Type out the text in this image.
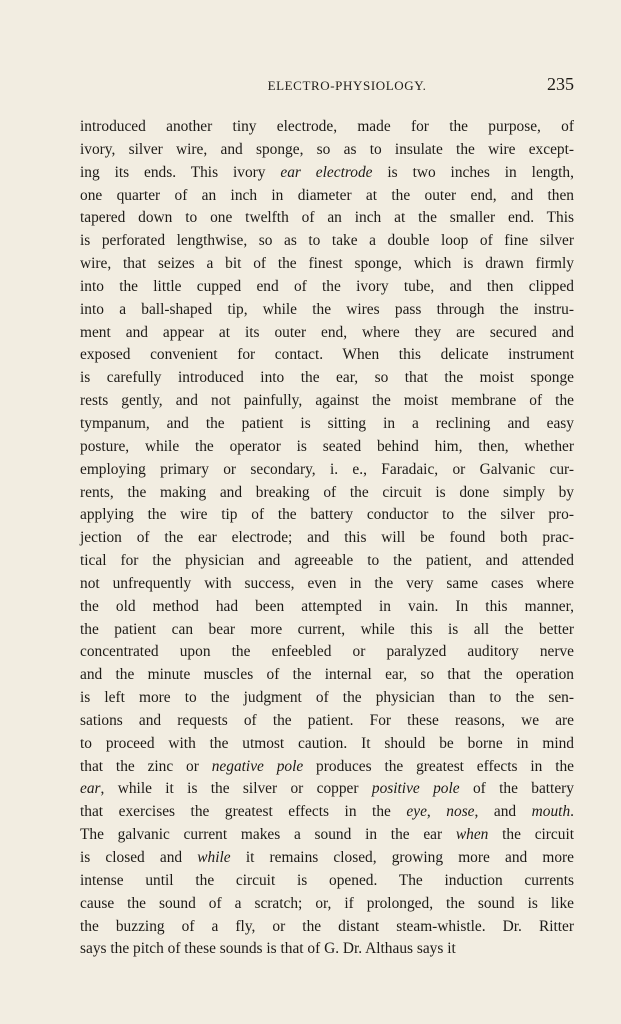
ELECTRO-PHYSIOLOGY.	235
introduced another tiny electrode, made for the purpose, of
ivory, silver wire, and sponge, so as to insulate the wire except-
ing its ends. This ivory ear electrode is two inches in length,
one quarter of an inch in diameter at the outer end, and then
tapered down to one twelfth of an inch at the smaller end. This
is perforated lengthwise, so as to take a double loop of fine silver
wire, that seizes a bit of the finest sponge, which is drawn firmly
into the little cupped end of the ivory tube, and then clipped
into a ball-shaped tip, while the wires pass through the instru-
ment and appear at its outer end, where they are secured and
exposed convenient for contact. When this delicate instrument
is carefully introduced into the ear, so that the moist sponge
rests gently, and not painfully, against the moist membrane of the
tympanum, and the patient is sitting in a reclining and easy
posture, while the operator is seated behind him, then, whether
employing primary or secondary, i. e., Faradaic, or Galvanic cur-
rents, the making and breaking of the circuit is done simply by
applying the wire tip of the battery conductor to the silver pro-
jection of the ear electrode; and this will be found both prac-
tical for the physician and agreeable to the patient, and attended
not unfrequently with success, even in the very same cases where
the old method had been attempted in vain. In this manner,
the patient can bear more current, while this is all the better
concentrated upon the enfeebled or paralyzed auditory nerve
and the minute muscles of the internal ear, so that the operation
is left more to the judgment of the physician than to the sen-
sations and requests of the patient. For these reasons, we are
to proceed with the utmost caution. It should be borne in mind
that the zinc or negative pole produces the greatest effects in the
ear, while it is the silver or copper positive pole of the battery
that exercises the greatest effects in the eye, nose, and mouth.
The galvanic current makes a sound in the ear when the circuit
is closed and while it remains closed, growing more and more
intense until the circuit is opened. The induction currents
cause the sound of a scratch; or, if prolonged, the sound is like
the buzzing of a fly, or the distant steam-whistle. Dr. Ritter
says the pitch of these sounds is that of G. Dr. Althaus says it
